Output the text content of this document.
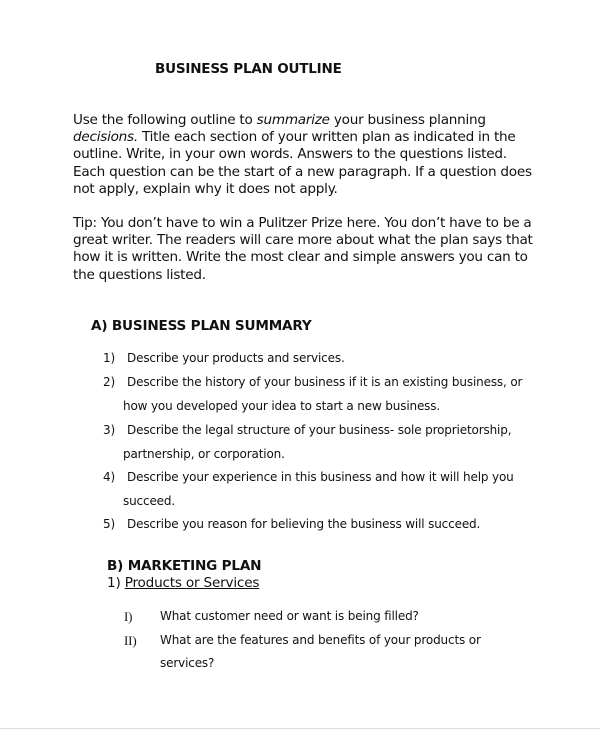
BUSINESS PLAN OUTLINE
Use the following outline to summarize your business planning
decisions. Title each section of your written plan as indicated in the
outline. Write, in your own words. Answers to the questions listed.
Each question can be the start of a new paragraph. If a question does
not apply, explain why it does not apply.
Tip: You don’t have to win a Pulitzer Prize here. You don’t have to be a
great writer. The readers will care more about what the plan says that
how it is written. Write the most clear and simple answers you can to
the questions listed.
A) BUSINESS PLAN SUMMARY
1) Describe your products and services.
2) Describe the history of your business if it is an existing business, or
how you developed your idea to start a new business.
3) Describe the legal structure of your business- sole proprietorship,
partnership, or corporation.
4) Describe your experience in this business and how it will help you
succeed.
5) Describe you reason for believing the business will succeed.
B) MARKETING PLAN
1) Products or Services
I) What customer need or want is being filled?
II) What are the features and benefits of your products or
services?
